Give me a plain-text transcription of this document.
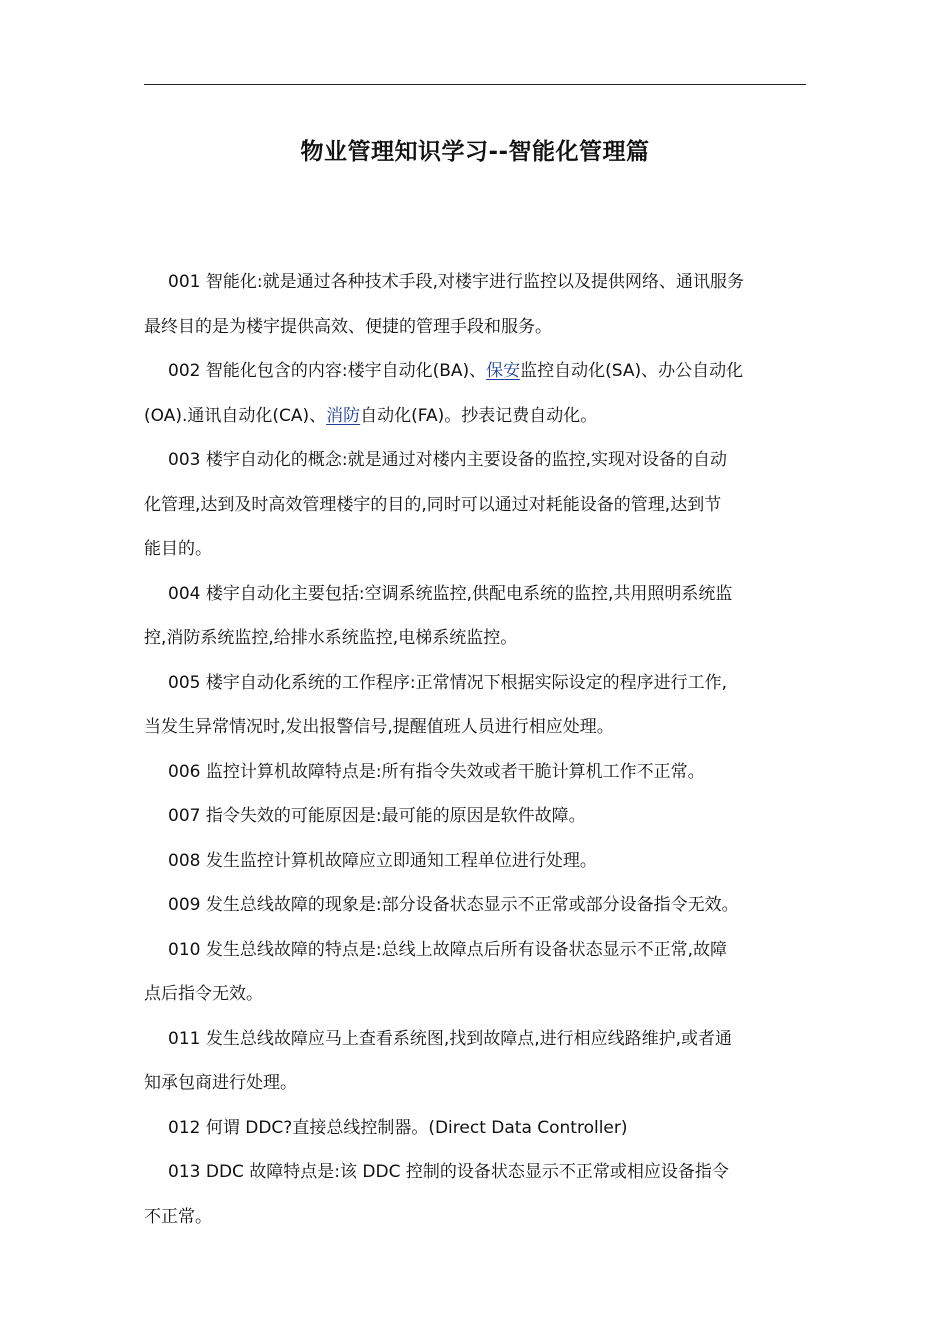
物业管理知识学习--智能化管理篇

001 智能化:就是通过各种技术手段,对楼宇进行监控以及提供网络、通讯服务
最终目的是为楼宇提供高效、便捷的管理手段和服务。

002 智能化包含的内容:楼宇自动化(BA)、保安监控自动化(SA)、办公自动化
(OA).通讯自动化(CA)、消防自动化(FA)。抄表记费自动化。

003 楼宇自动化的概念:就是通过对楼内主要设备的监控,实现对设备的自动
化管理,达到及时高效管理楼宇的目的,同时可以通过对耗能设备的管理,达到节
能目的。

004 楼宇自动化主要包括:空调系统监控,供配电系统的监控,共用照明系统监
控,消防系统监控,给排水系统监控,电梯系统监控。

005 楼宇自动化系统的工作程序:正常情况下根据实际设定的程序进行工作,
当发生异常情况时,发出报警信号,提醒值班人员进行相应处理。

006 监控计算机故障特点是:所有指令失效或者干脆计算机工作不正常。

007 指令失效的可能原因是:最可能的原因是软件故障。

008 发生监控计算机故障应立即通知工程单位进行处理。

009 发生总线故障的现象是:部分设备状态显示不正常或部分设备指令无效。

010 发生总线故障的特点是:总线上故障点后所有设备状态显示不正常,故障
点后指令无效。

011 发生总线故障应马上查看系统图,找到故障点,进行相应线路维护,或者通
知承包商进行处理。

012 何谓 DDC?直接总线控制器。(Direct Data Controller)

013 DDC 故障特点是:该 DDC 控制的设备状态显示不正常或相应设备指令
不正常。
